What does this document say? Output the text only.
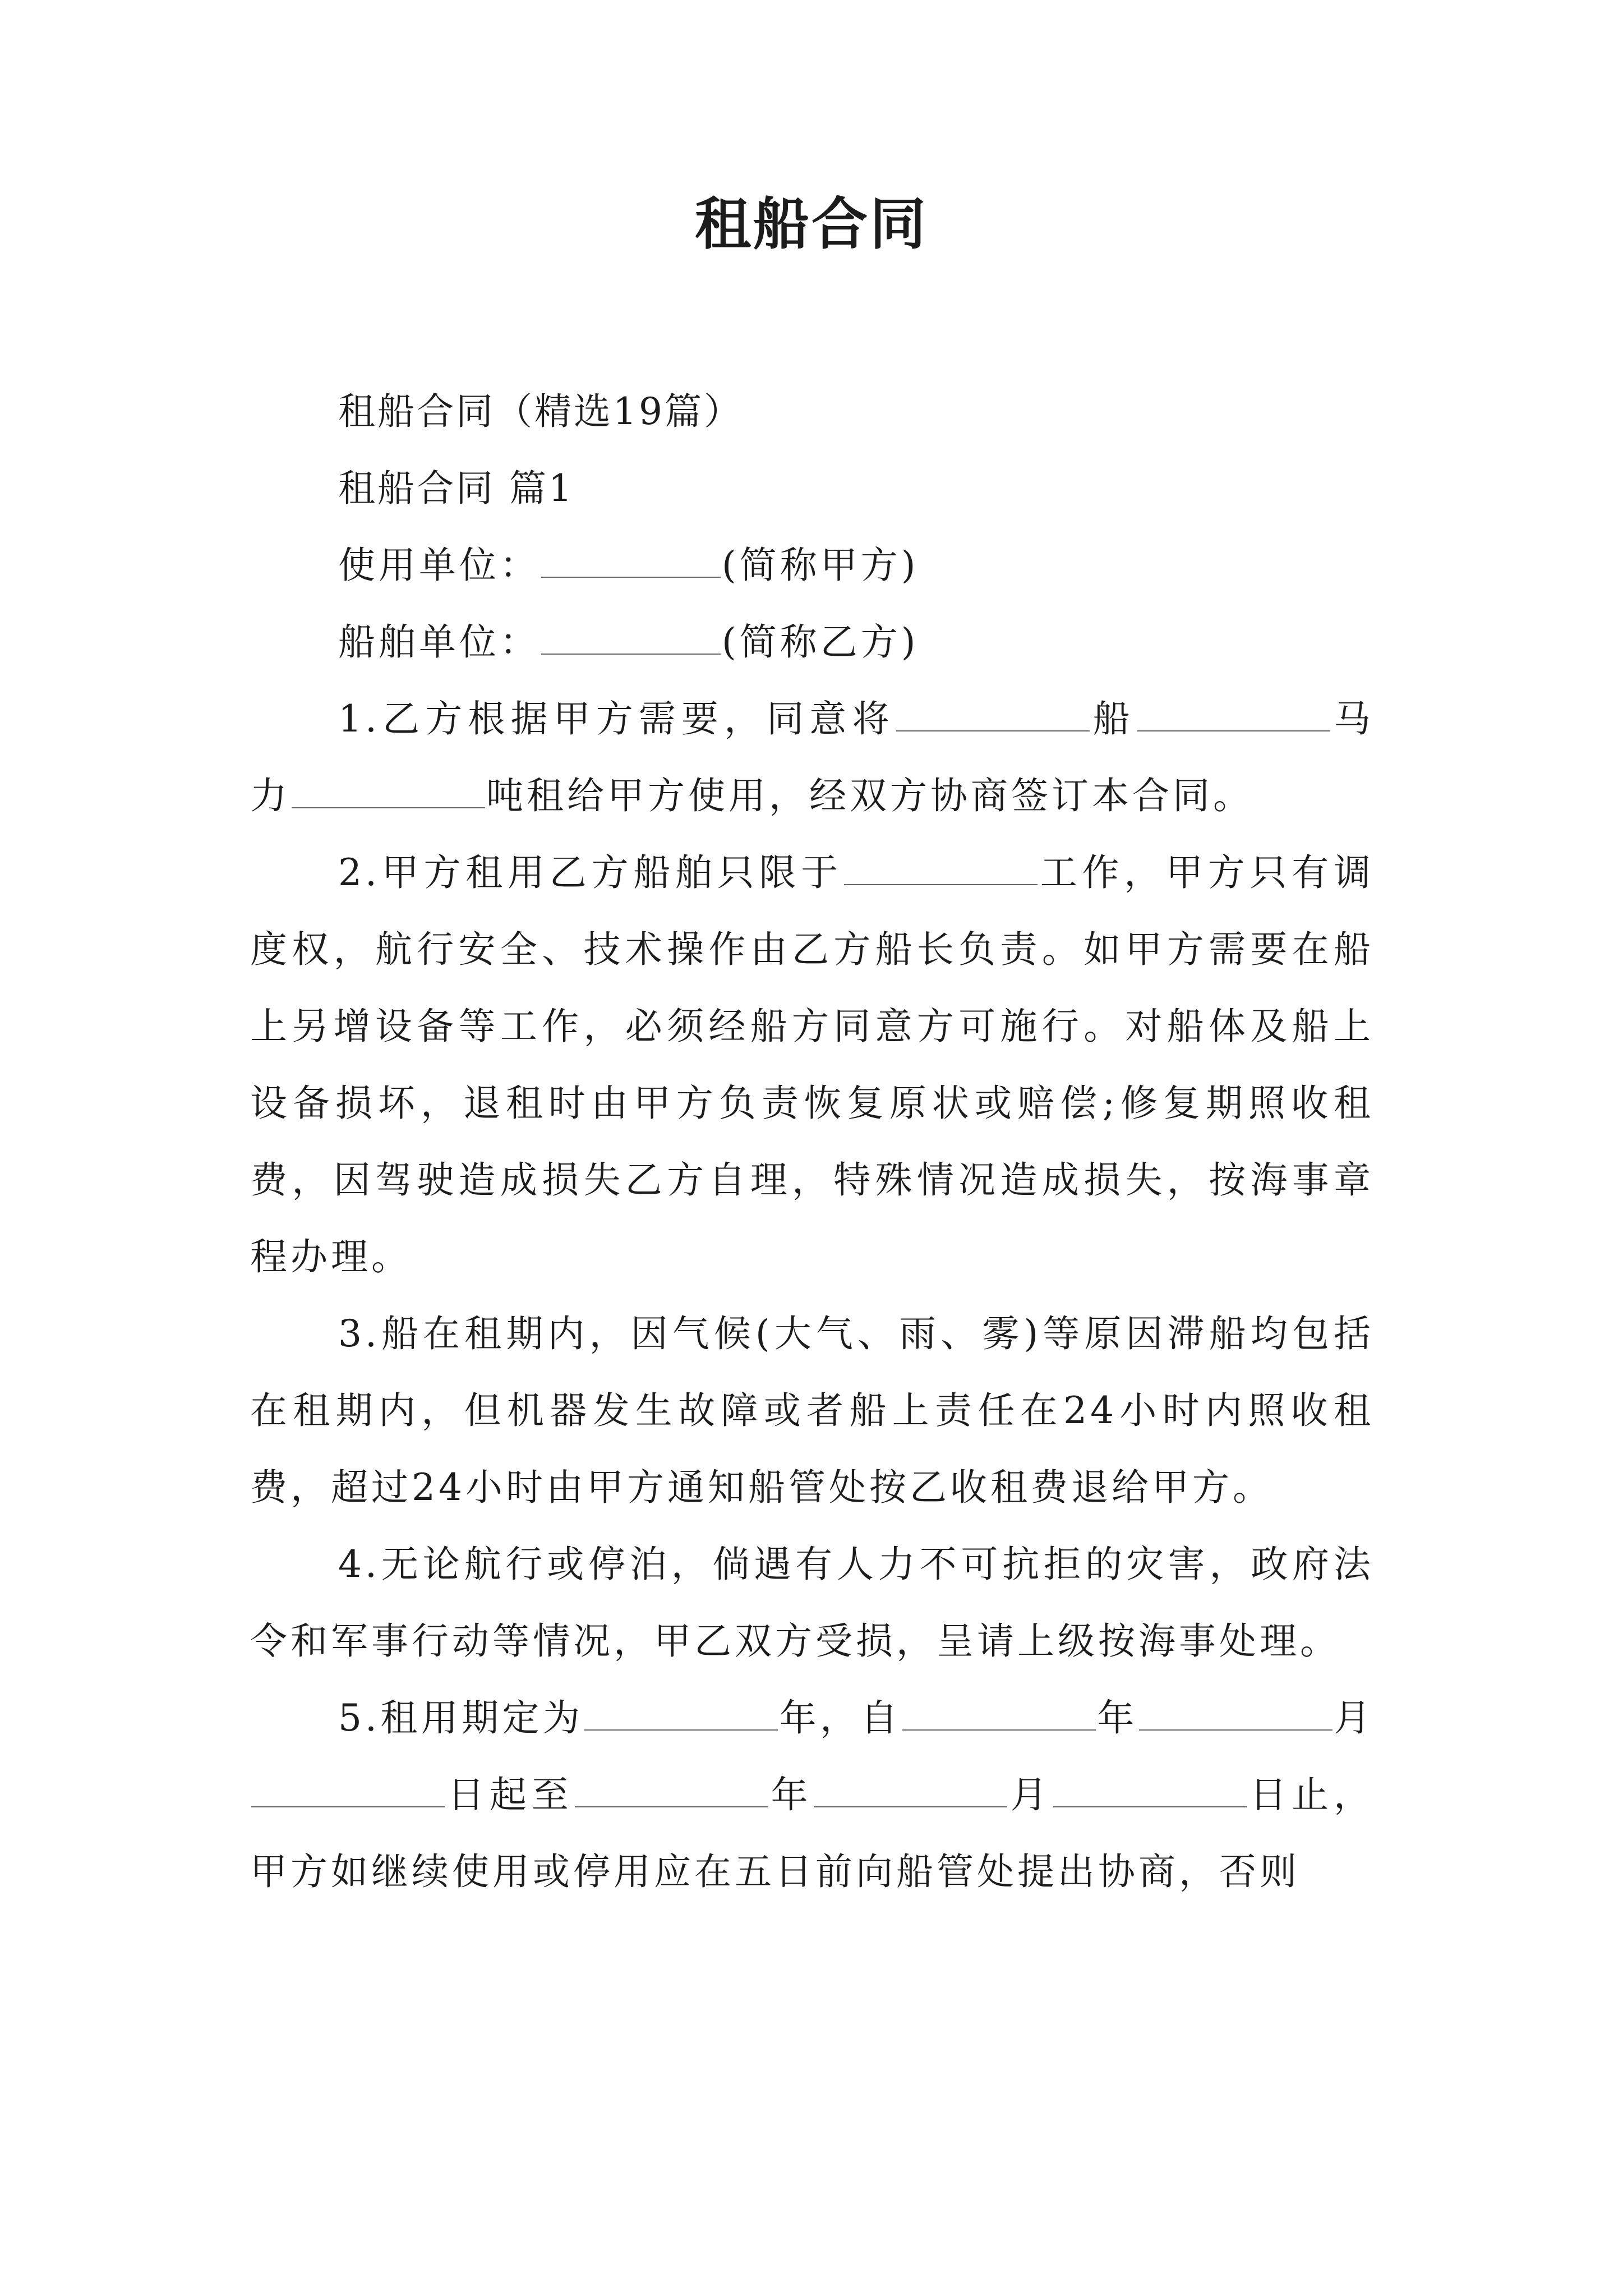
租船合同

租船合同（精选19篇）

租船合同 篇1

使用单位：	(简称甲方)

船舶单位：	(简称乙方)

1.乙方根据甲方需要，同意将	船	马力	吨租给甲方使用，经双方协商签订本合同。

2.甲方租用乙方船舶只限于	工作，甲方只有调度权，航行安全、技术操作由乙方船长负责。如甲方需要在船上另增设备等工作，必须经船方同意方可施行。对船体及船上设备损坏，退租时由甲方负责恢复原状或赔偿;修复期照收租费，因驾驶造成损失乙方自理，特殊情况造成损失，按海事章程办理。

3.船在租期内，因气候(大气、雨、雾)等原因滞船均包括在租期内，但机器发生故障或者船上责任在24小时内照收租费，超过24小时由甲方通知船管处按乙收租费退给甲方。

4.无论航行或停泊，倘遇有人力不可抗拒的灾害，政府法令和军事行动等情况，甲乙双方受损，呈请上级按海事处理。

5.租用期定为	年，自	年	月日起至	年	月	日止，甲方如继续使用或停用应在五日前向船管处提出协商，否则
